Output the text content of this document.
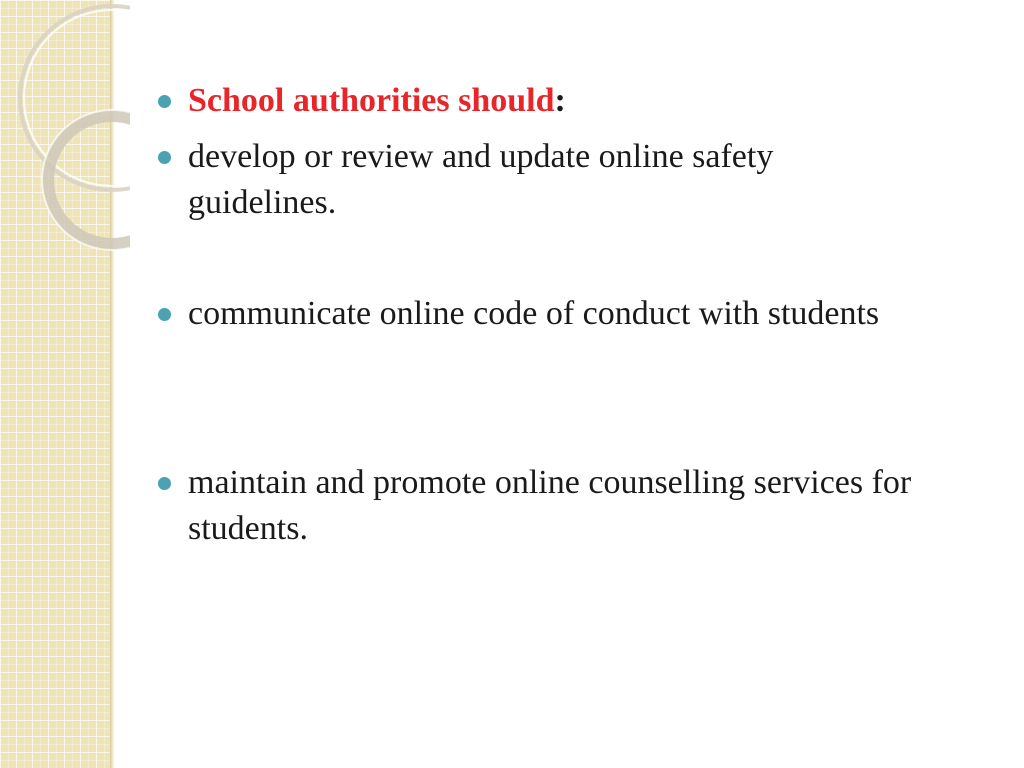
School authorities should:
develop or review and update online safety guidelines.
communicate online code of conduct with students
maintain and promote online counselling services for students.
